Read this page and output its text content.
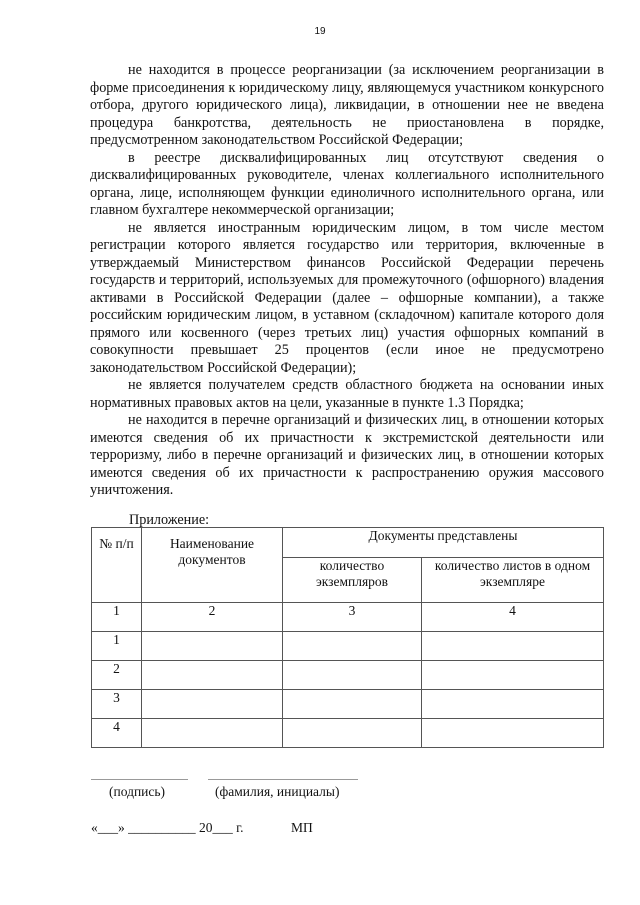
19

не находится в процессе реорганизации (за исключением реорганизации в форме присоединения к юридическому лицу, являющемуся участником конкурсного отбора, другого юридического лица), ликвидации, в отношении нее не введена процедура банкротства, деятельность не приостановлена в порядке, предусмотренном законодательством Российской Федерации;

в реестре дисквалифицированных лиц отсутствуют сведения о дисквалифицированных руководителе, членах коллегиального исполнительного органа, лице, исполняющем функции единоличного исполнительного органа, или главном бухгалтере некоммерческой организации;

не является иностранным юридическим лицом, в том числе местом регистрации которого является государство или территория, включенные в утверждаемый Министерством финансов Российской Федерации перечень государств и территорий, используемых для промежуточного (офшорного) владения активами в Российской Федерации (далее – офшорные компании), а также российским юридическим лицом, в уставном (складочном) капитале которого доля прямого или косвенного (через третьих лиц) участия офшорных компаний в совокупности превышает 25 процентов (если иное не предусмотрено законодательством Российской Федерации);

не является получателем средств областного бюджета на основании иных нормативных правовых актов на цели, указанные в пункте 1.3 Порядка;

не находится в перечне организаций и физических лиц, в отношении которых имеются сведения об их причастности к экстремистской деятельности или терроризму, либо в перечне организаций и физических лиц, в отношении которых имеются сведения об их причастности к распространению оружия массового уничтожения.

Приложение:
№ п/п	Наименование документов	Документы представлены	
		количество экземпляров	количество листов в одном экземпляре
1	2	3	4
1			
2			
3			
4			
(подпись)	(фамилия, инициалы)
«___» __________ 20___ г.	МП
